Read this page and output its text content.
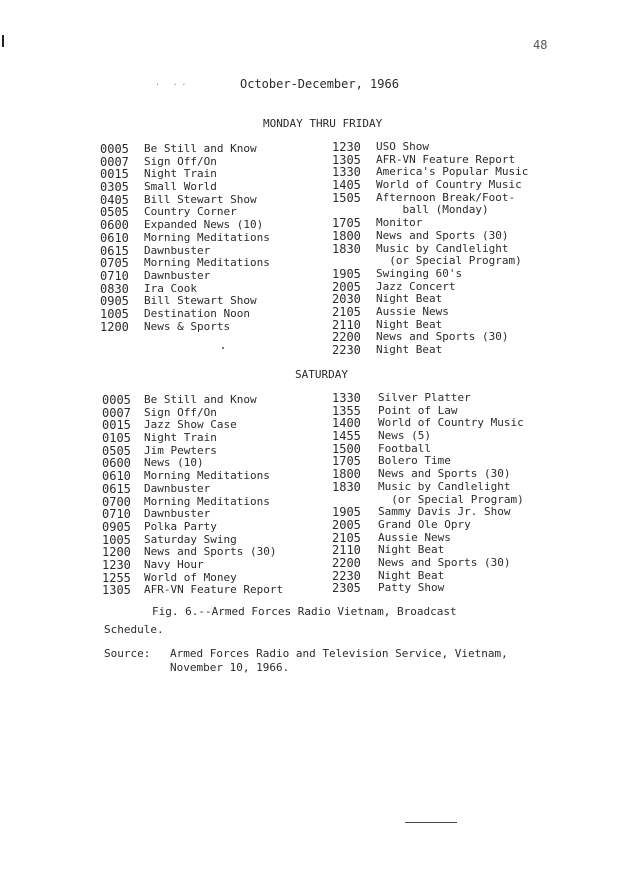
48
· ··	October-December, 1966
MONDAY THRU FRIDAY
0005	Be Still and Know
0007	Sign Off/On
0015	Night Train
0305	Small World
0405	Bill Stewart Show
0505	Country Corner
0600	Expanded News (10)
0610	Morning Meditations
0615	Dawnbuster
0705	Morning Meditations
0710	Dawnbuster
0830	Ira Cook
0905	Bill Stewart Show
1005	Destination Noon
1200	News & Sports
1230	USO Show
1305	AFR-VN Feature Report
1330	America's Popular Music
1405	World of Country Music
1505	Afternoon Break/Foot-
ball (Monday)
1705	Monitor
1800	News and Sports (30)
1830	Music by Candlelight
(or Special Program)
1905	Swinging 60's
2005	Jazz Concert
2030	Night Beat
2105	Aussie News
2110	Night Beat
2200	News and Sports (30)
2230	Night Beat
SATURDAY
0005	Be Still and Know
0007	Sign Off/On
0015	Jazz Show Case
0105	Night Train
0505	Jim Pewters
0600	News (10)
0610	Morning Meditations
0615	Dawnbuster
0700	Morning Meditations
0710	Dawnbuster
0905	Polka Party
1005	Saturday Swing
1200	News and Sports (30)
1230	Navy Hour
1255	World of Money
1305	AFR-VN Feature Report
1330	Silver Platter
1355	Point of Law
1400	World of Country Music
1455	News (5)
1500	Football
1705	Bolero Time
1800	News and Sports (30)
1830	Music by Candlelight
(or Special Program)
1905	Sammy Davis Jr. Show
2005	Grand Ole Opry
2105	Aussie News
2110	Night Beat
2200	News and Sports (30)
2230	Night Beat
2305	Patty Show
Fig. 6.--Armed Forces Radio Vietnam, Broadcast
Schedule.
Source: Armed Forces Radio and Television Service, Vietnam,
November 10, 1966.
